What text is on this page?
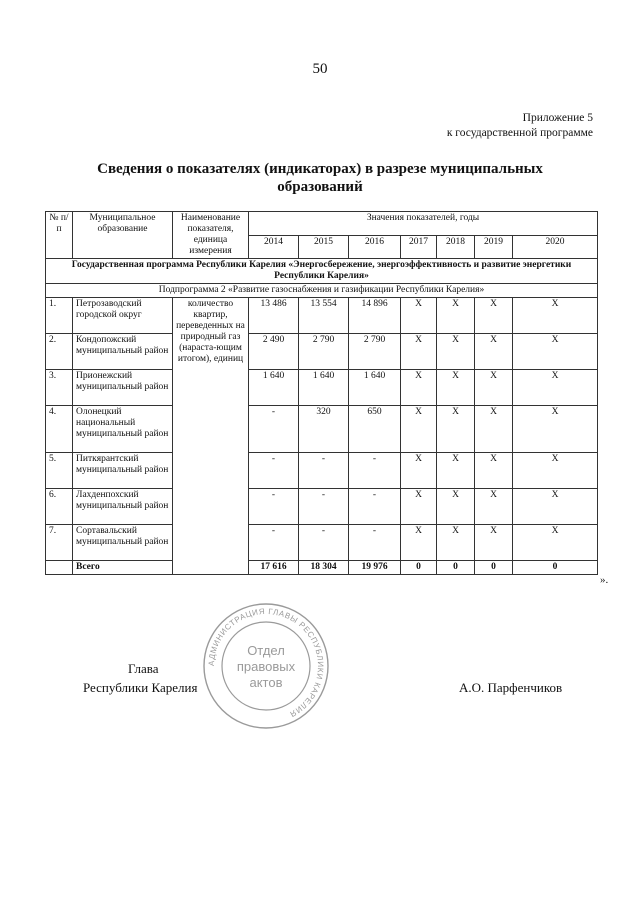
50
Приложение 5
к государственной программе
Сведения о показателях (индикаторах) в разрезе муниципальных образований
№ п/п	Муниципальное образование	Наименование показателя, единица измерения	Значения показателей, годы						
			2014	2015	2016	2017	2018	2019	2020
Государственная программа Республики Карелия «Энергосбережение, энергоэффективность и развитие энергетики Республики Карелия»									
Подпрограмма 2 «Развитие газоснабжения и газификации Республики Карелия»									
1.	Петрозаводский городской округ	количество квартир, переведенных на природный газ (нараста-ющим итогом), единиц	13 486	13 554	14 896	Х	Х	Х	Х
2.	Кондопожский муниципальный район		2 490	2 790	2 790	Х	Х	Х	Х
3.	Прионежский муниципальный район		1 640	1 640	1 640	Х	Х	Х	Х
4.	Олонецкий национальный муниципальный район		-	320	650	Х	Х	Х	Х
5.	Питкярантский муниципальный район		-	-	-	Х	Х	Х	Х
6.	Лахденпохский муниципальный район		-	-	-	Х	Х	Х	Х
7.	Сортавальский муниципальный район		-	-	-	Х	Х	Х	Х
	Всего		17 616	18 304	19 976	0	0	0	0
».
АДМИНИСТРАЦИЯ ГЛАВЫ РЕСПУБЛИКИ КАРЕЛИЯ
Отдел
правовых
актов
Глава
Республики Карелия	А.О. Парфенчиков
